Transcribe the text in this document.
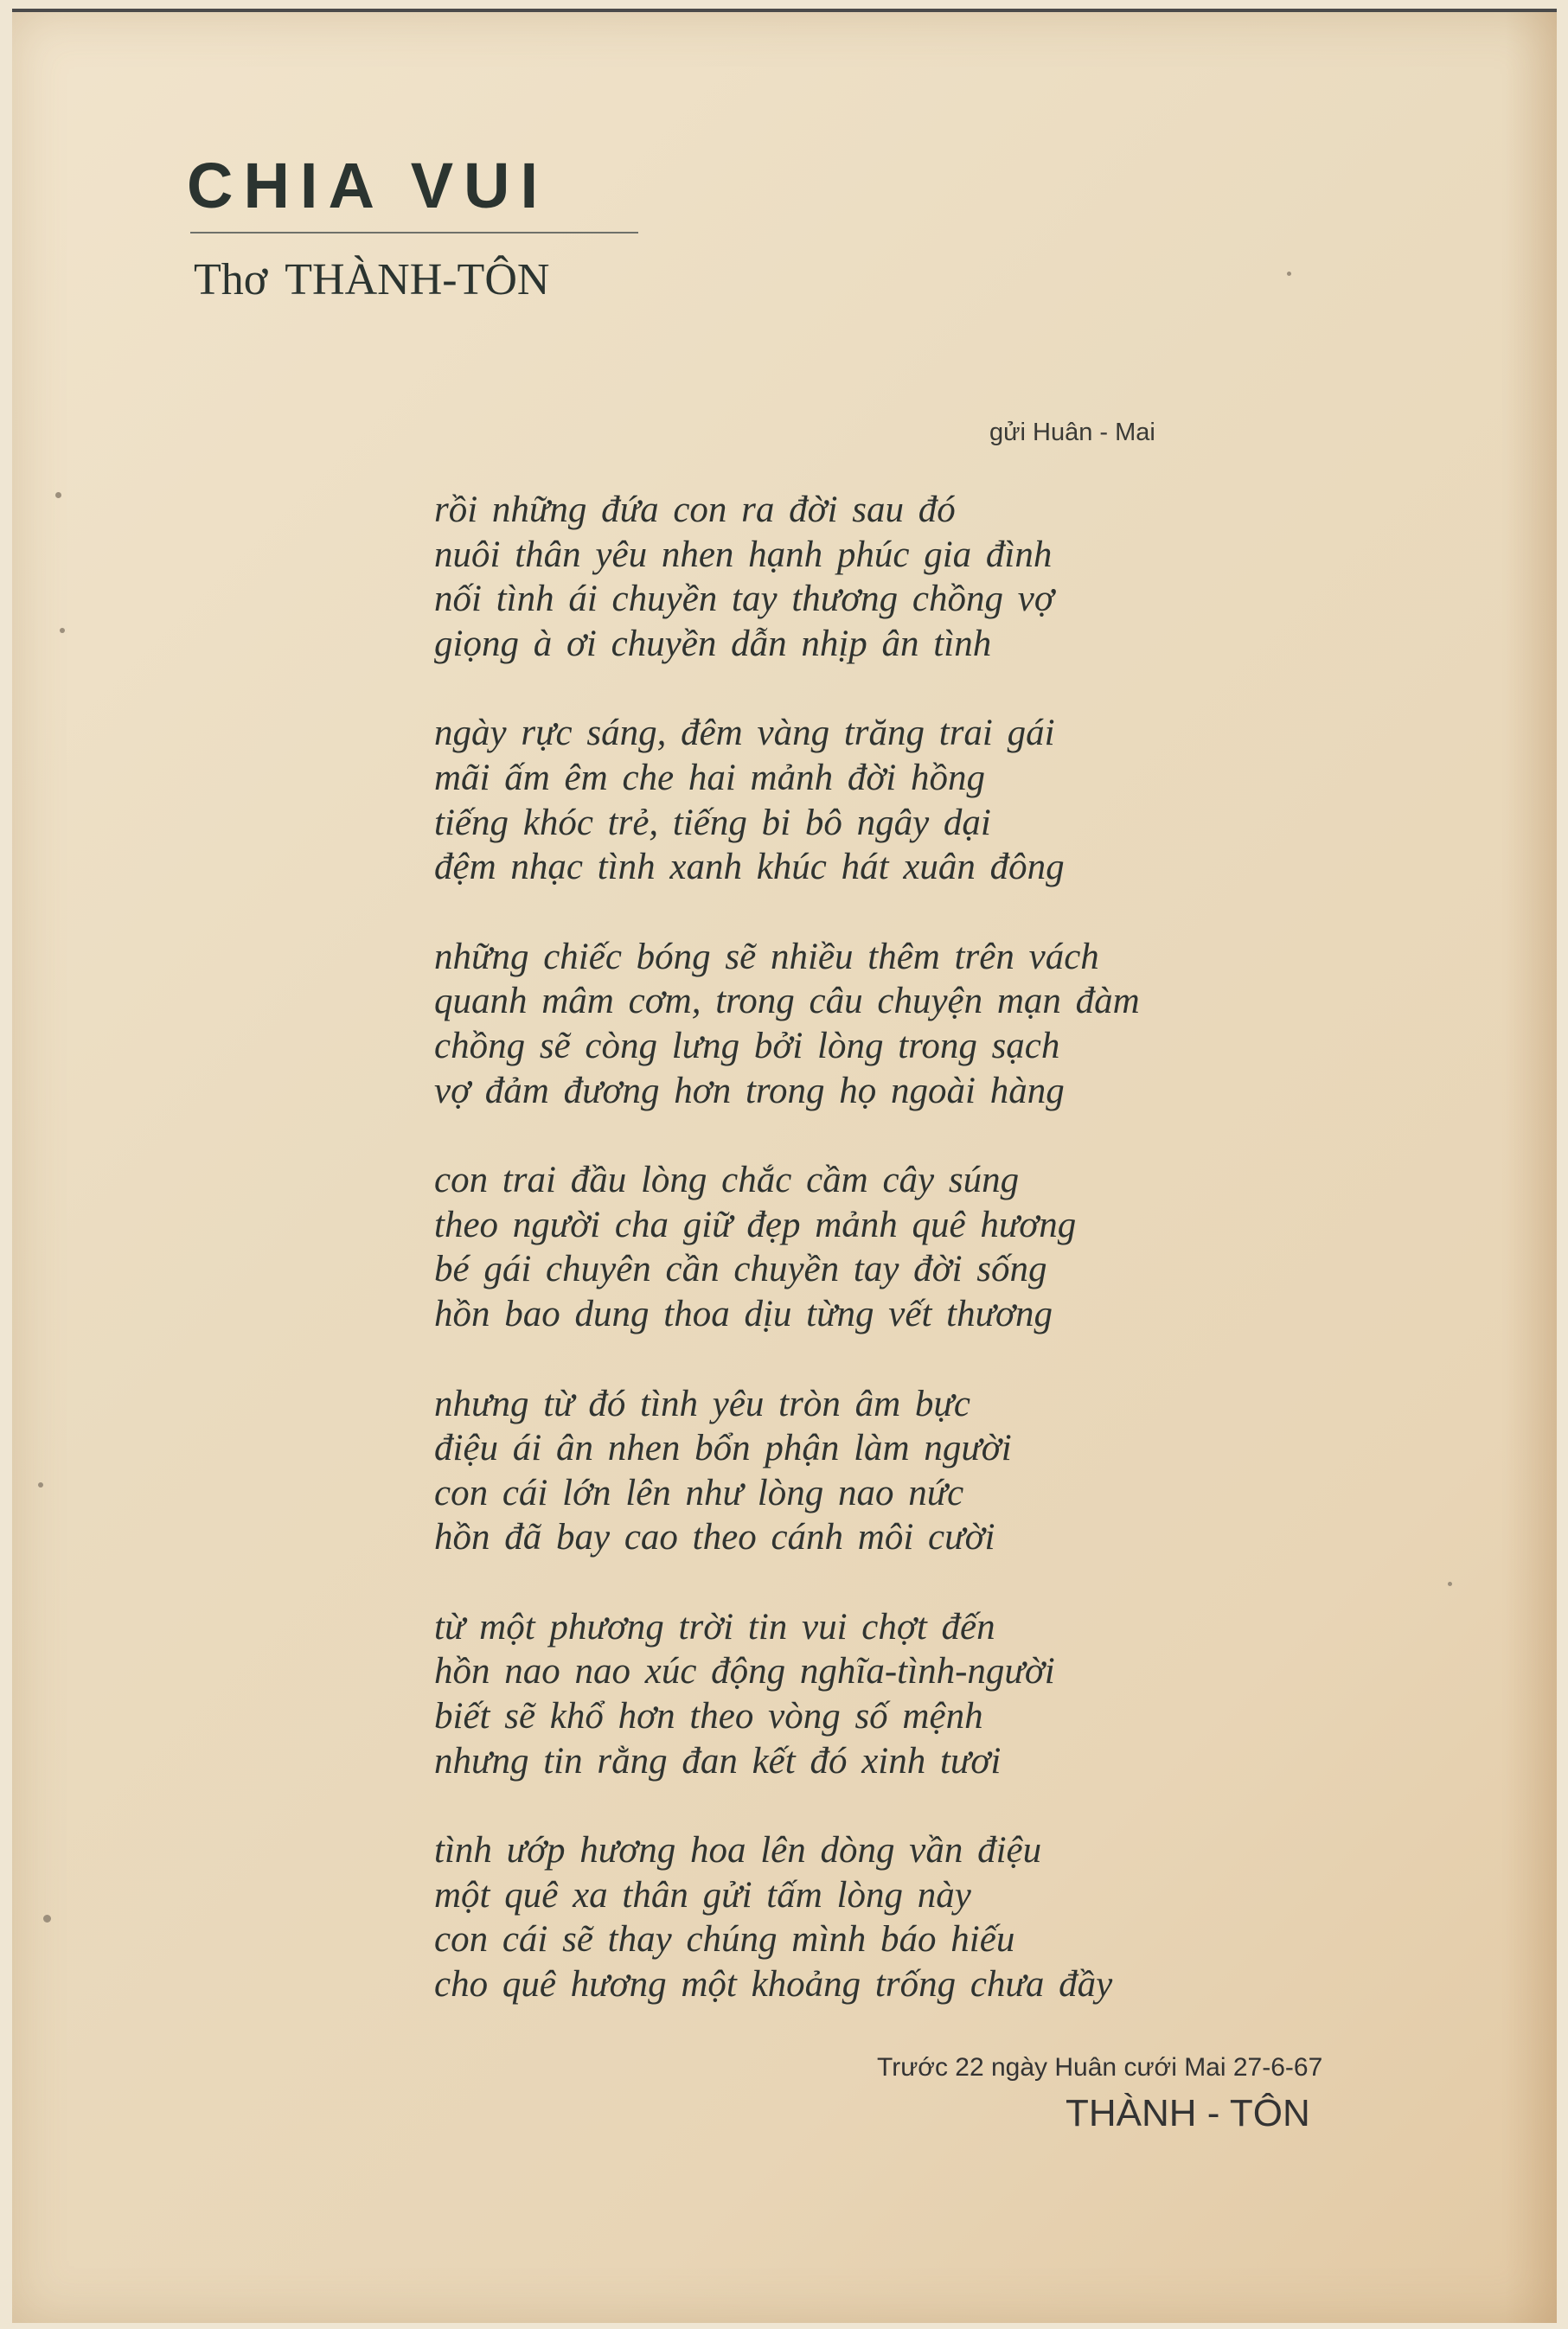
CHIA VUI
Thơ THÀNH-TÔN
gửi Huân - Mai
rồi những đứa con ra đời sau đó
nuôi thân yêu nhen hạnh phúc gia đình
nối tình ái chuyền tay thương chồng vợ
giọng à ơi chuyền dẫn nhịp ân tình
ngày rực sáng, đêm vàng trăng trai gái
mãi ấm êm che hai mảnh đời hồng
tiếng khóc trẻ, tiếng bi bô ngây dại
đệm nhạc tình xanh khúc hát xuân đông
những chiếc bóng sẽ nhiều thêm trên vách
quanh mâm cơm, trong câu chuyện mạn đàm
chồng sẽ còng lưng bởi lòng trong sạch
vợ đảm đương hơn trong họ ngoài hàng
con trai đầu lòng chắc cầm cây súng
theo người cha giữ đẹp mảnh quê hương
bé gái chuyên cần chuyền tay đời sống
hồn bao dung thoa dịu từng vết thương
nhưng từ đó tình yêu tròn âm bực
điệu ái ân nhen bổn phận làm người
con cái lớn lên như lòng nao nức
hồn đã bay cao theo cánh môi cười
từ một phương trời tin vui chợt đến
hồn nao nao xúc động nghĩa-tình-người
biết sẽ khổ hơn theo vòng số mệnh
nhưng tin rằng đan kết đó xinh tươi
tình ướp hương hoa lên dòng vần điệu
một quê xa thân gửi tấm lòng này
con cái sẽ thay chúng mình báo hiếu
cho quê hương một khoảng trống chưa đầy
Trước 22 ngày Huân cưới Mai 27-6-67
THÀNH - TÔN
